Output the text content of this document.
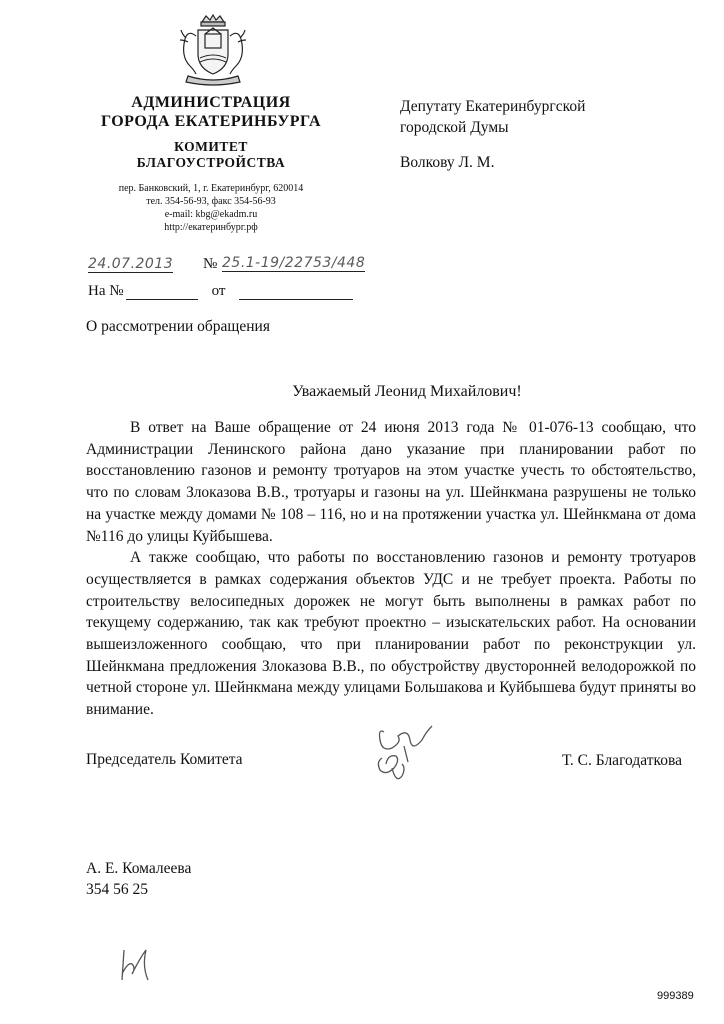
АДМИНИСТРАЦИЯ
ГОРОДА ЕКАТЕРИНБУРГА
КОМИТЕТ
БЛАГОУСТРОЙСТВА
пер. Банковский, 1, г. Екатеринбург, 620014
тел. 354-56-93, факс 354-56-93
e-mail: kbg@ekadm.ru
http://екатеринбург.рф
Депутату Екатеринбургской
городской Думы
Волкову Л. М.
24.07.2013 № 25.1-19/22753/448
На №	от
О рассмотрении обращения
Уважаемый Леонид Михайлович!

В ответ на Ваше обращение от 24 июня 2013 года № 01-076-13 сообщаю, что Администрации Ленинского района дано указание при планировании работ по восстановлению газонов и ремонту тротуаров на этом участке учесть то обстоятельство, что по словам Злоказова В.В., тротуары и газоны на ул. Шейнкмана разрушены не только на участке между домами № 108 – 116, но и на протяжении участка ул. Шейнкмана от дома №116 до улицы Куйбышева.

А также сообщаю, что работы по восстановлению газонов и ремонту тротуаров осуществляется в рамках содержания объектов УДС и не требует проекта. Работы по строительству велосипедных дорожек не могут быть выполнены в рамках работ по текущему содержанию, так как требуют проектно – изыскательских работ. На основании вышеизложенного сообщаю, что при планировании работ по реконструкции ул. Шейнкмана предложения Злоказова В.В., по обустройству двусторонней велодорожкой по четной стороне ул. Шейнкмана между улицами Большакова и Куйбышева будут приняты во внимание.

Председатель Комитета	Т. С. Благодаткова
А. Е. Комалеева
354 56 25
999389
